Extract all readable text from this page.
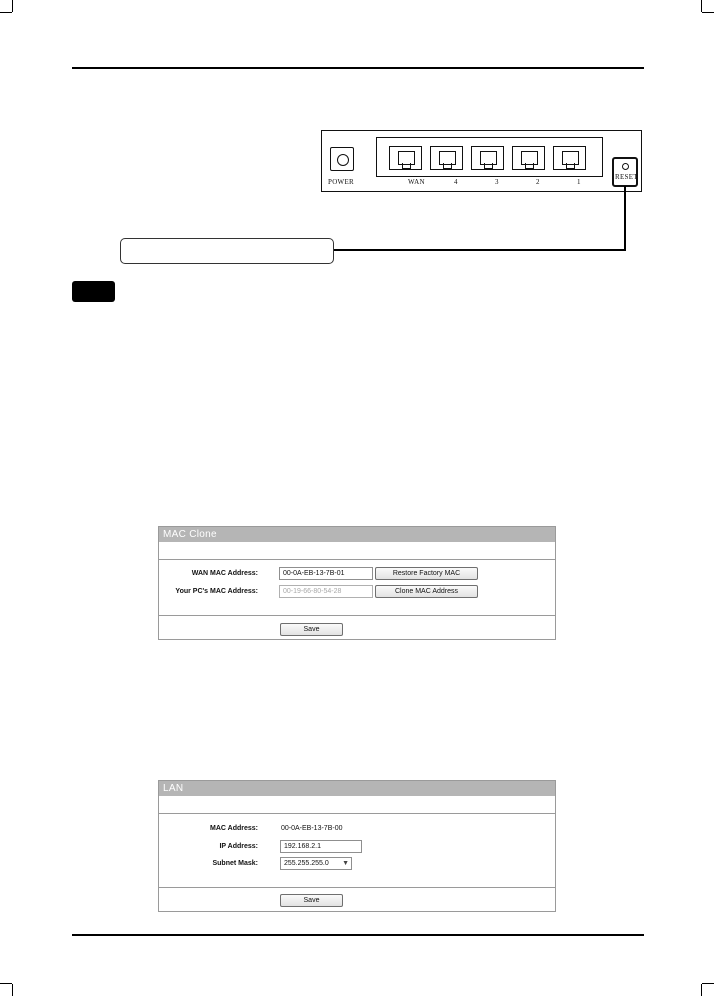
POWER	WAN	4	3	2	1
RESET
MAC Clone
WAN MAC Address:	00-0A-EB-13-7B-01	Restore Factory MAC
Your PC's MAC Address:	00-19-66-80-54-28	Clone MAC Address
Save
LAN
MAC Address:	00-0A-EB-13-7B-00
IP Address:	192.168.2.1
Subnet Mask:	255.255.255.0 ▼
Save
